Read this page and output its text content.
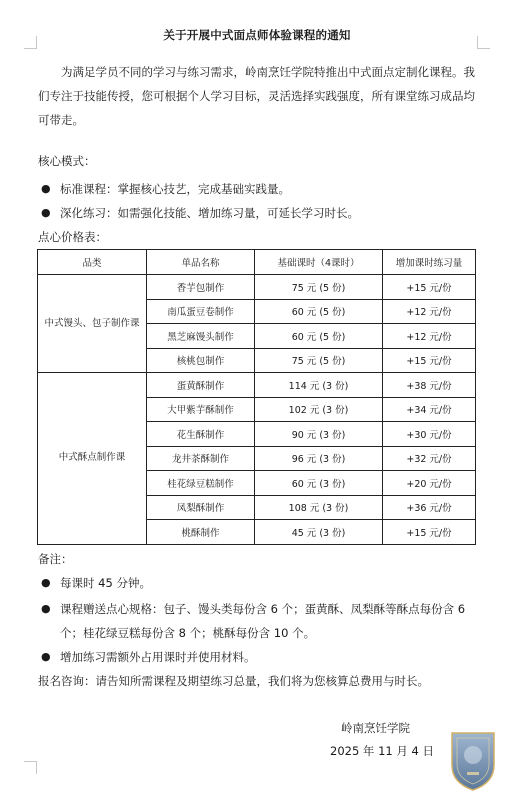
关于开展中式面点师体验课程的通知

为满足学员不同的学习与练习需求，岭南烹饪学院特推出中式面点定制化课程。我们专注于技能传授，您可根据个人学习目标，灵活选择实践强度，所有课堂练习成品均可带走。

核心模式：
● 标准课程：掌握核心技艺，完成基础实践量。
● 深化练习：如需强化技能、增加练习量，可延长学习时长。
点心价格表：
品类	单品名称	基础课时（4课时）	增加课时练习量
中式馒头、包子制作课	香芋包制作	75 元 (5 份)	+15 元/份
	南瓜蛋豆卷制作	60 元 (5 份)	+12 元/份
	黑芝麻馒头制作	60 元 (5 份)	+12 元/份
	核桃包制作	75 元 (5 份)	+15 元/份
中式酥点制作课	蛋黄酥制作	114 元 (3 份)	+38 元/份
	大甲紫芋酥制作	102 元 (3 份)	+34 元/份
	花生酥制作	90 元 (3 份)	+30 元/份
	龙井茶酥制作	96 元 (3 份)	+32 元/份
	桂花绿豆糕制作	60 元 (3 份)	+20 元/份
	凤梨酥制作	108 元 (3 份)	+36 元/份
	桃酥制作	45 元 (3 份)	+15 元/份
备注：
● 每课时 45 分钟。
● 课程赠送点心规格：包子、馒头类每份含 6 个；蛋黄酥、凤梨酥等酥点每份含 6 个；桂花绿豆糕每份含 8 个；桃酥每份含 10 个。
● 增加练习需额外占用课时并使用材料。
报名咨询：请告知所需课程及期望练习总量，我们将为您核算总费用与时长。
岭南烹饪学院
2025 年 11 月 4 日
